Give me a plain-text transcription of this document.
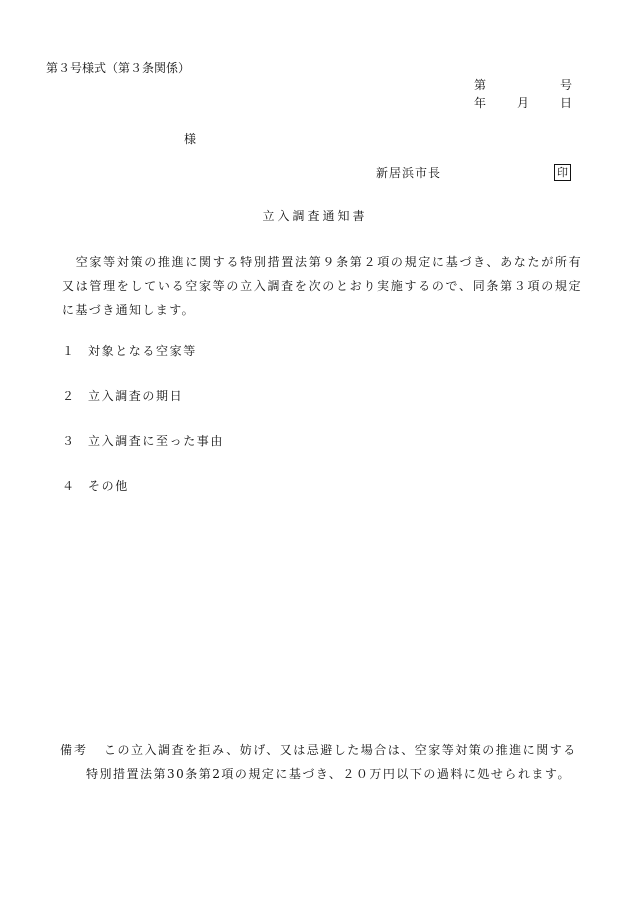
第３号様式（第３条関係）
第	号
年	月	日
様
新居浜市長	印
立入調査通知書
　空家等対策の推進に関する特別措置法第９条第２項の規定に基づき、あなたが所有又は管理をしている空家等の立入調査を次のとおり実施するので、同条第３項の規定に基づき通知します。
１ 対象となる空家等
２ 立入調査の期日
３ 立入調査に至った事由
４ その他
備考 この立入調査を拒み、妨げ、又は忌避した場合は、空家等対策の推進に関する
特別措置法第30条第2項の規定に基づき、２０万円以下の過料に処せられます。
